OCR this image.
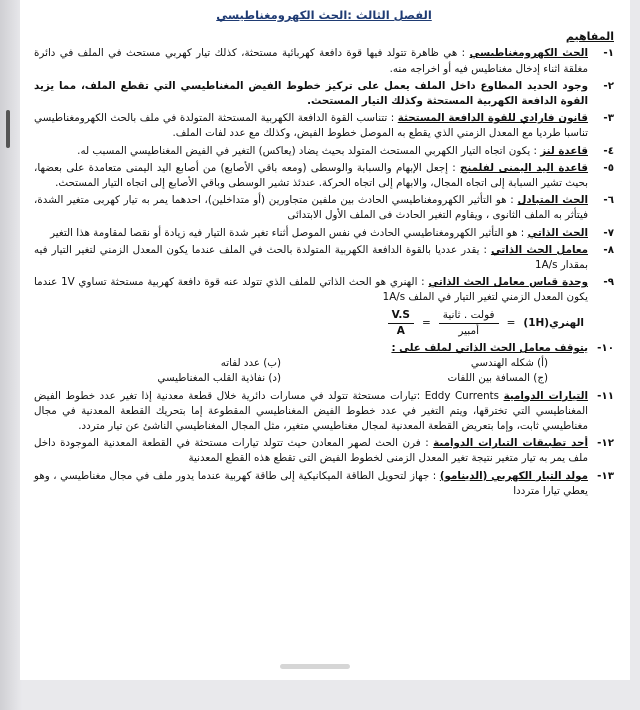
الفصل الثالث :الحث الكهرومغناطيسي
المفاهيم
١-
الحث الكهرومغناطيسي : هي ظاهرة تتولد فيها قوة دافعة كهربائية مستحثة، كذلك تيار كهربي مستحث في الملف في دائرة مغلقة اثناء إدخال مغناطيس فيه أو اخراجه منه.
٢-
وجود الحديد المطاوع داخل الملف يعمل على تركيز خطوط الفيض المغناطيسي التي تقطع الملف، مما يزيد القوة الدافعة الكهربية المستحثة وكذلك التيار المستحث.
٣-
قانون فارادي للقوة الدافعة المستحثة : تتناسب القوة الدافعة الكهربية المستحثة المتولدة في ملف بالحث الكهرومغناطيسي تناسبا طرديا مع المعدل الزمني الذي يقطع به الموصل خطوط الفيض، وكذلك مع عدد لفات الملف.
٤-
قاعدة لنز : يكون اتجاه التيار الكهربي المستحث المتولد بحيث يضاد (يعاكس) التغير في الفيض المغناطيسي المسبب له.
٥-
قاعدة اليد اليمنى لفلمنج : إجعل الإبهام والسبابة والوسطى (ومعه باقي الأصابع) من أصابع اليد اليمنى متعامدة على بعضها، بحيث تشير السبابة إلى اتجاه المجال، والابهام إلى اتجاه الحركة. عندئذ تشير الوسطى وباقي الأصابع إلى اتجاه التيار المستحث.
٦-
الحث المتبادل : هو التأثير الكهرومغناطيسي الحادث بين ملفين متجاورين (أو متداخلين)، احدهما يمر به تيار كهربى متغير الشدة، فيتأثر به الملف الثانوى ، ويقاوم التغير الحادث فى الملف الأول الابتدائى
٧-
الحث الذاتي : هو التأثير الكهرومغناطيسي الحادث في نفس الموصل أثناء تغير شدة التيار فيه زيادة أو نقصا لمقاومة هذا التغير
٨-
معامل الحث الذاتي : يقدر عدديا بالقوة الدافعة الكهربية المتولدة بالحث في الملف عندما يكون المعدل الزمني لتغير التيار فيه بمقدار 1A/s
٩-
وحدة قياس معامل الحث الذاتي : الهنري هو الحث الذاتي للملف الذي تتولد عنه قوة دافعة كهربية مستحثة تساوي 1V عندما يكون المعدل الزمني لتغير التيار في الملف 1A/s
$\frac{V.S}{A} = \frac{\text{فولت . ثانية}}{\text{أمبير}}$ = الهنري(1H)
١٠-
يتوقف معامل الحث الذاتي لملف على :
(أ) شكله الهندسي
(ب) عدد لفاته
(ج) المسافة بين اللفات
(د) نفاذية القلب المغناطيسي
١١-
التيارات الدوامية Eddy Currents :تيارات مستحثة تتولد في مسارات دائرية خلال قطعة معدنية إذا تغير عدد خطوط الفيض المغناطيسي التي تخترقها، ويتم التغير في عدد خطوط الفيض المغناطيسي المقطوعة إما بتحريك القطعة المعدنية في مجال مغناطيسي ثابت، وإما بتعريض القطعة المعدنية لمجال مغناطيسي متغير، مثل المجال المغناطيسي الناشئ عن تيار متردد.
١٢-
أحد تطبيقات التيارات الدوامية : فرن الحث لصهر المعادن حيث تتولد تيارات مستحثة في القطعة المعدنية الموجودة داخل ملف يمر به تيار متغير نتيجة تغير المعدل الزمنى لخطوط الفيض التى تقطع هذه القطع المعدنية
١٣-
مولد التيار الكهربي (الدينامو) : جهاز لتحويل الطاقة الميكانيكية إلى طاقة كهربية عندما يدور ملف في مجال مغناطيسي ، وهو يعطي تيارا مترددا
